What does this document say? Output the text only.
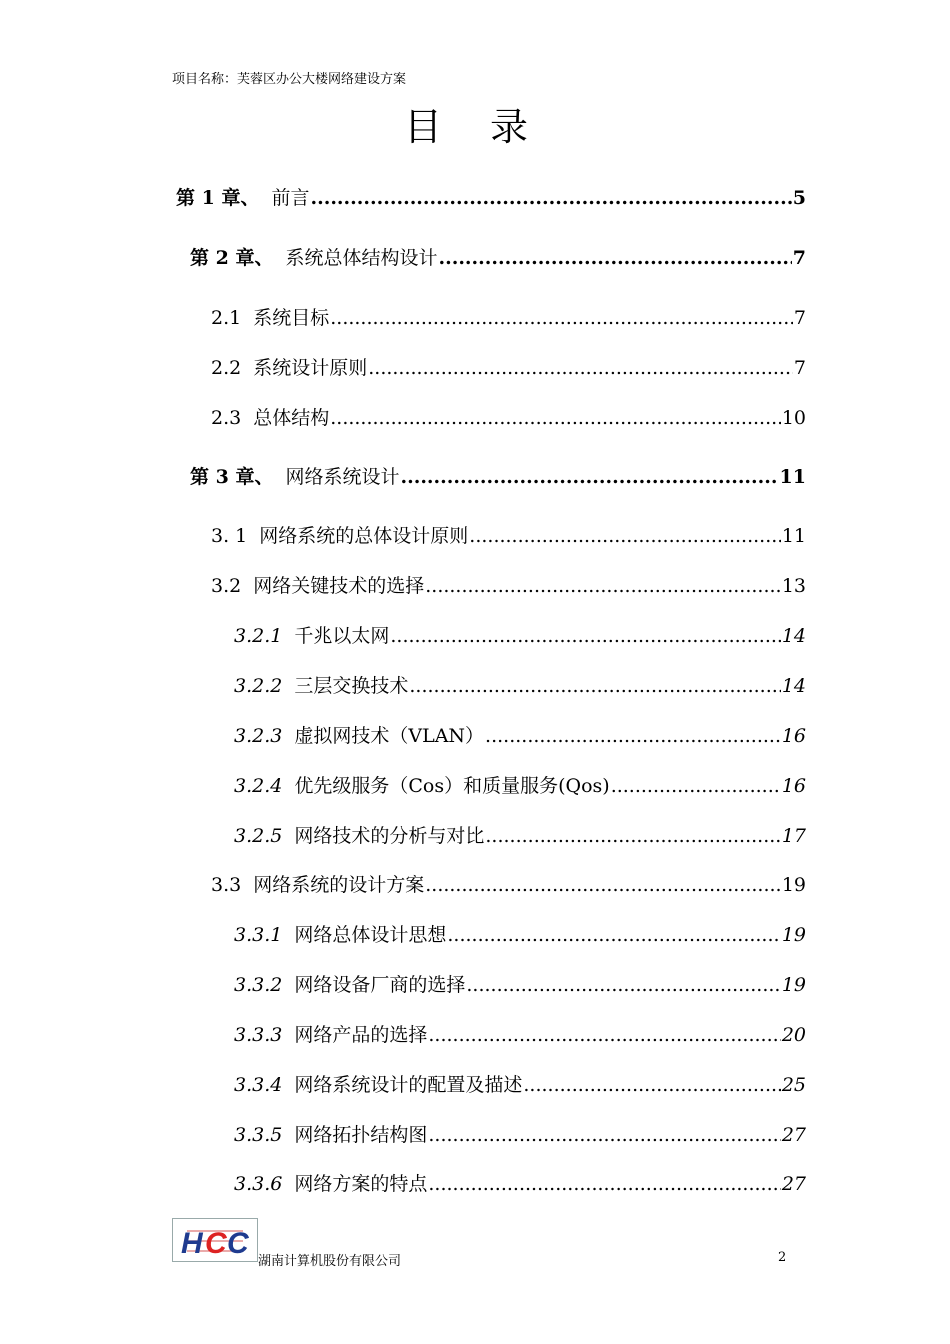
项目名称：芙蓉区办公大楼网络建设方案
目 录
第 1 章、 前言 .....	5
第 2 章、 系统总体结构设计 .....	7
2.1 系统目标 .....	7
2.2 系统设计原则 .....	7
2.3 总体结构 .....	10
第 3 章、 网络系统设计 .....	11
3. 1 网络系统的总体设计原则 .....	11
3.2 网络关键技术的选择 .....	13
3.2.1 千兆以太网 .....	14
3.2.2 三层交换技术 .....	14
3.2.3 虚拟网技术（VLAN） .....	16
3.2.4 优先级服务（Cos）和质量服务(Qos) .....	16
3.2.5 网络技术的分析与对比 .....	17
3.3 网络系统的设计方案 .....	19
3.3.1 网络总体设计思想 .....	19
3.3.2 网络设备厂商的选择 .....	19
3.3.3 网络产品的选择 .....	20
3.3.4 网络系统设计的配置及描述 .....	25
3.3.5 网络拓扑结构图 .....	27
3.3.6 网络方案的特点 .....	27
H C C
湖南计算机股份有限公司	2
